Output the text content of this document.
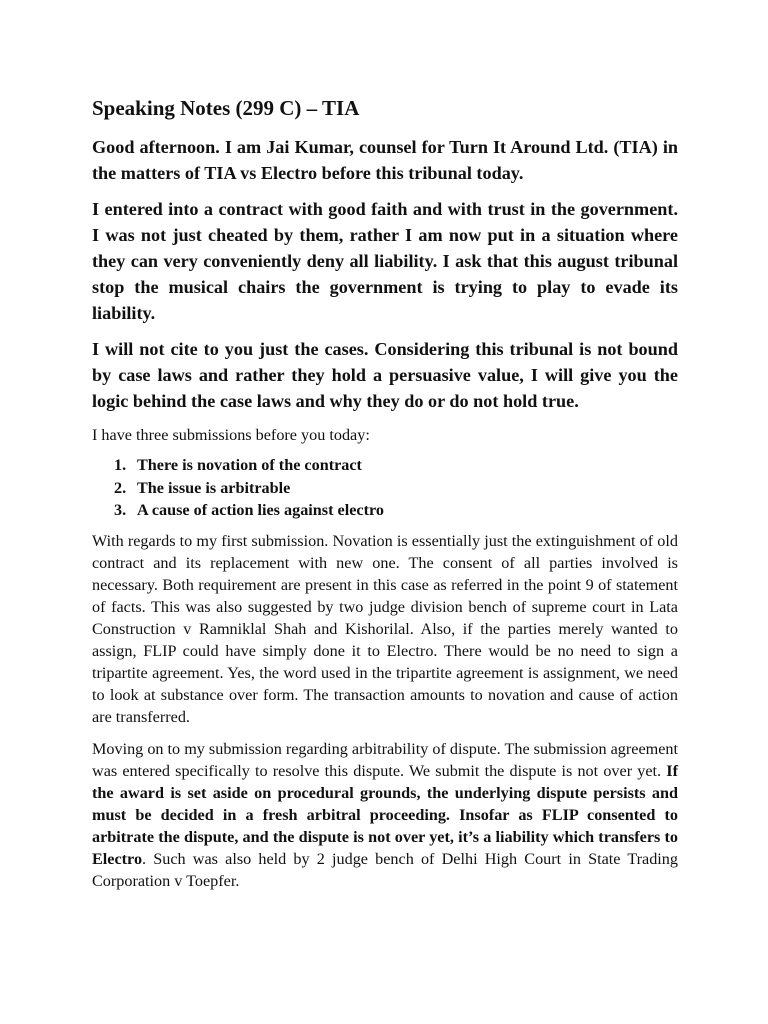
Speaking Notes (299 C) – TIA

Good afternoon. I am Jai Kumar, counsel for Turn It Around Ltd. (TIA) in the matters of TIA vs Electro before this tribunal today.

I entered into a contract with good faith and with trust in the government. I was not just cheated by them, rather I am now put in a situation where they can very conveniently deny all liability. I ask that this august tribunal stop the musical chairs the government is trying to play to evade its liability.

I will not cite to you just the cases. Considering this tribunal is not bound by case laws and rather they hold a persuasive value, I will give you the logic behind the case laws and why they do or do not hold true.

I have three submissions before you today:

1. There is novation of the contract
2. The issue is arbitrable
3. A cause of action lies against electro

With regards to my first submission. Novation is essentially just the extinguishment of old contract and its replacement with new one. The consent of all parties involved is necessary. Both requirement are present in this case as referred in the point 9 of statement of facts. This was also suggested by two judge division bench of supreme court in Lata Construction v Ramniklal Shah and Kishorilal. Also, if the parties merely wanted to assign, FLIP could have simply done it to Electro. There would be no need to sign a tripartite agreement. Yes, the word used in the tripartite agreement is assignment, we need to look at substance over form. The transaction amounts to novation and cause of action are transferred.

Moving on to my submission regarding arbitrability of dispute. The submission agreement was entered specifically to resolve this dispute. We submit the dispute is not over yet. If the award is set aside on procedural grounds, the underlying dispute persists and must be decided in a fresh arbitral proceeding. Insofar as FLIP consented to arbitrate the dispute, and the dispute is not over yet, it’s a liability which transfers to Electro. Such was also held by 2 judge bench of Delhi High Court in State Trading Corporation v Toepfer.
